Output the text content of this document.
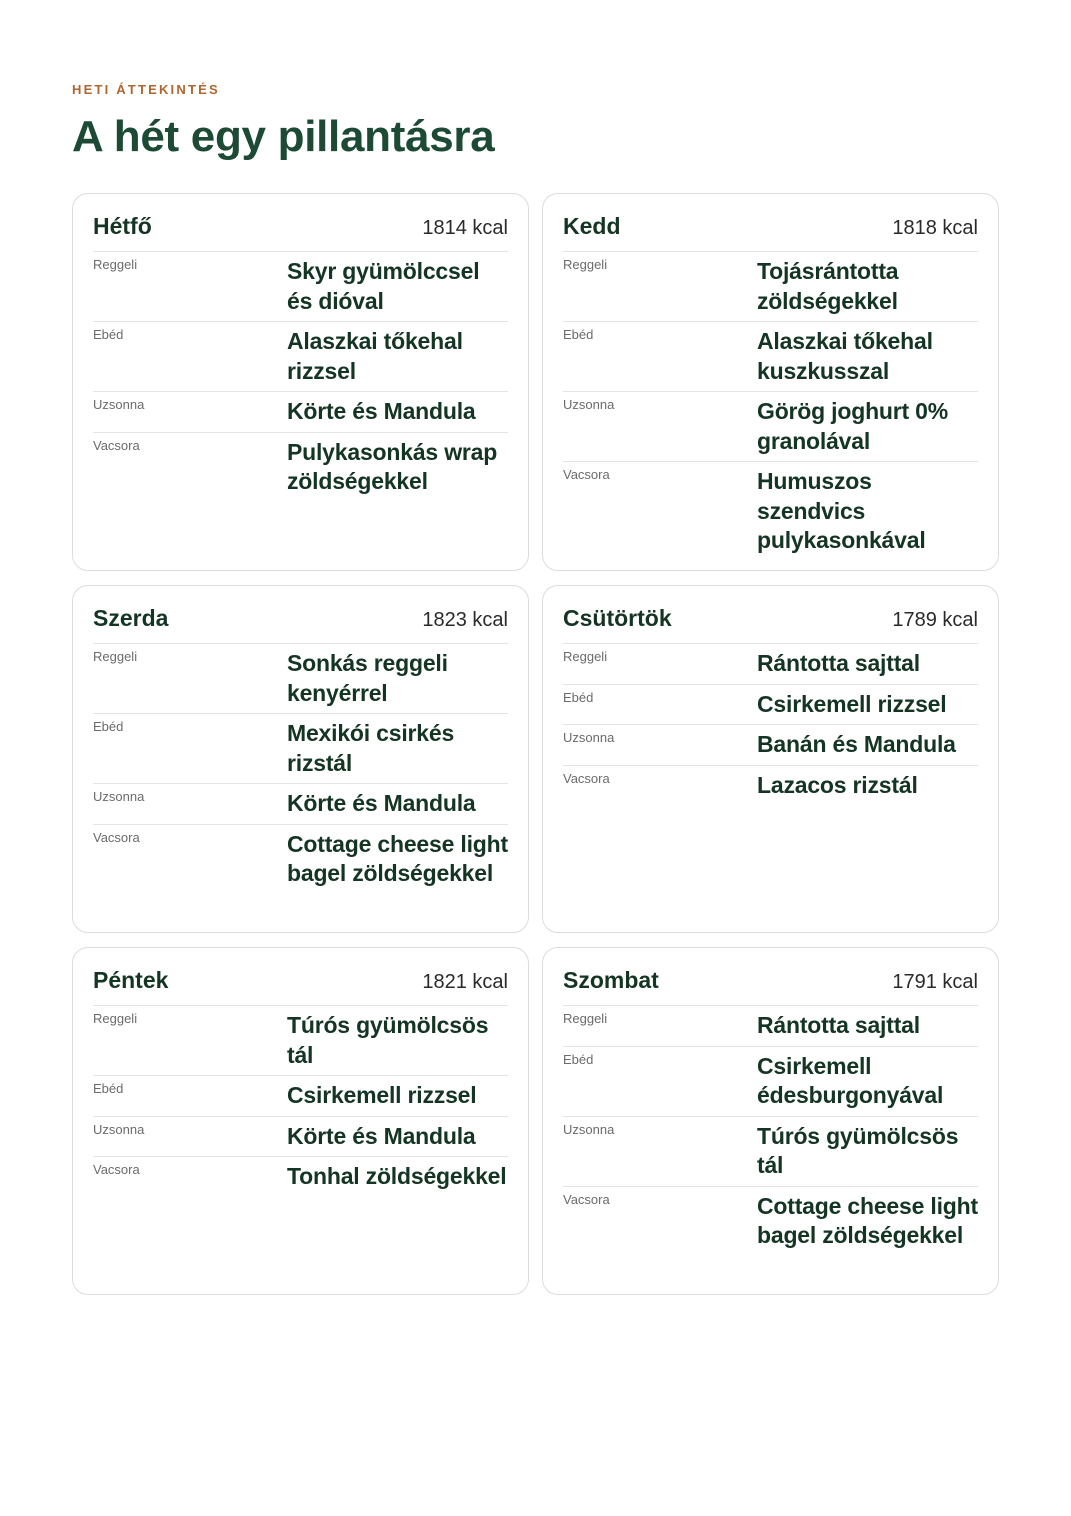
HETI ÁTTEKINTÉS

A hét egy pillantásra
Hétfő	1814 kcal
Reggeli	Skyr gyümölccsel és dióval
Ebéd	Alaszkai tőkehal rizzsel
Uzsonna	Körte és Mandula
Vacsora	Pulykasonkás wrap zöldségekkel
Kedd	1818 kcal
Reggeli	Tojásrántotta zöldségekkel
Ebéd	Alaszkai tőkehal kuszkusszal
Uzsonna	Görög joghurt 0% granolával
Vacsora	Humuszos szendvics pulykasonkával
Szerda	1823 kcal
Reggeli	Sonkás reggeli kenyérrel
Ebéd	Mexikói csirkés rizstál
Uzsonna	Körte és Mandula
Vacsora	Cottage cheese light bagel zöldségekkel
Csütörtök	1789 kcal
Reggeli	Rántotta sajttal
Ebéd	Csirkemell rizzsel
Uzsonna	Banán és Mandula
Vacsora	Lazacos rizstál
Péntek	1821 kcal
Reggeli	Túrós gyümölcsös tál
Ebéd	Csirkemell rizzsel
Uzsonna	Körte és Mandula
Vacsora	Tonhal zöldségekkel
Szombat	1791 kcal
Reggeli	Rántotta sajttal
Ebéd	Csirkemell édesburgonyával
Uzsonna	Túrós gyümölcsös tál
Vacsora	Cottage cheese light bagel zöldségekkel
